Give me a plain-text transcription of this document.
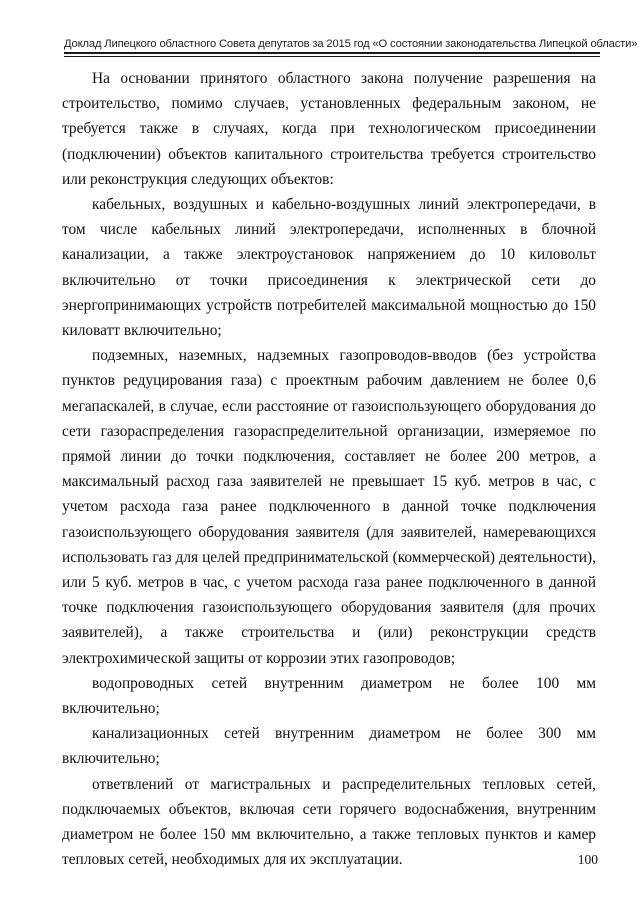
Доклад Липецкого областного Совета депутатов за 2015 год «О состоянии законодательства Липецкой области»

На основании принятого областного закона получение разрешения на строительство, помимо случаев, установленных федеральным законом, не требуется также в случаях, когда при технологическом присоединении (подключении) объектов капитального строительства требуется строительство или реконструкция следующих объектов:

кабельных, воздушных и кабельно-воздушных линий электропередачи, в том числе кабельных линий электропередачи, исполненных в блочной канализации, а также электроустановок напряжением до 10 киловольт включительно от точки присоединения к электрической сети до энергопринимающих устройств потребителей максимальной мощностью до 150 киловатт включительно;

подземных, наземных, надземных газопроводов-вводов (без устройства пунктов редуцирования газа) с проектным рабочим давлением не более 0,6 мегапаскалей, в случае, если расстояние от газоиспользующего оборудования до сети газораспределения газораспределительной организации, измеряемое по прямой линии до точки подключения, составляет не более 200 метров, а максимальный расход газа заявителей не превышает 15 куб. метров в час, с учетом расхода газа ранее подключенного в данной точке подключения газоиспользующего оборудования заявителя (для заявителей, намеревающихся использовать газ для целей предпринимательской (коммерческой) деятельности), или 5 куб. метров в час, с учетом расхода газа ранее подключенного в данной точке подключения газоиспользующего оборудования заявителя (для прочих заявителей), а также строительства и (или) реконструкции средств электрохимической защиты от коррозии этих газопроводов;

водопроводных сетей внутренним диаметром не более 100 мм включительно;

канализационных сетей внутренним диаметром не более 300 мм включительно;

ответвлений от магистральных и распределительных тепловых сетей, подключаемых объектов, включая сети горячего водоснабжения, внутренним диаметром не более 150 мм включительно, а также тепловых пунктов и камер тепловых сетей, необходимых для их эксплуатации.	100
